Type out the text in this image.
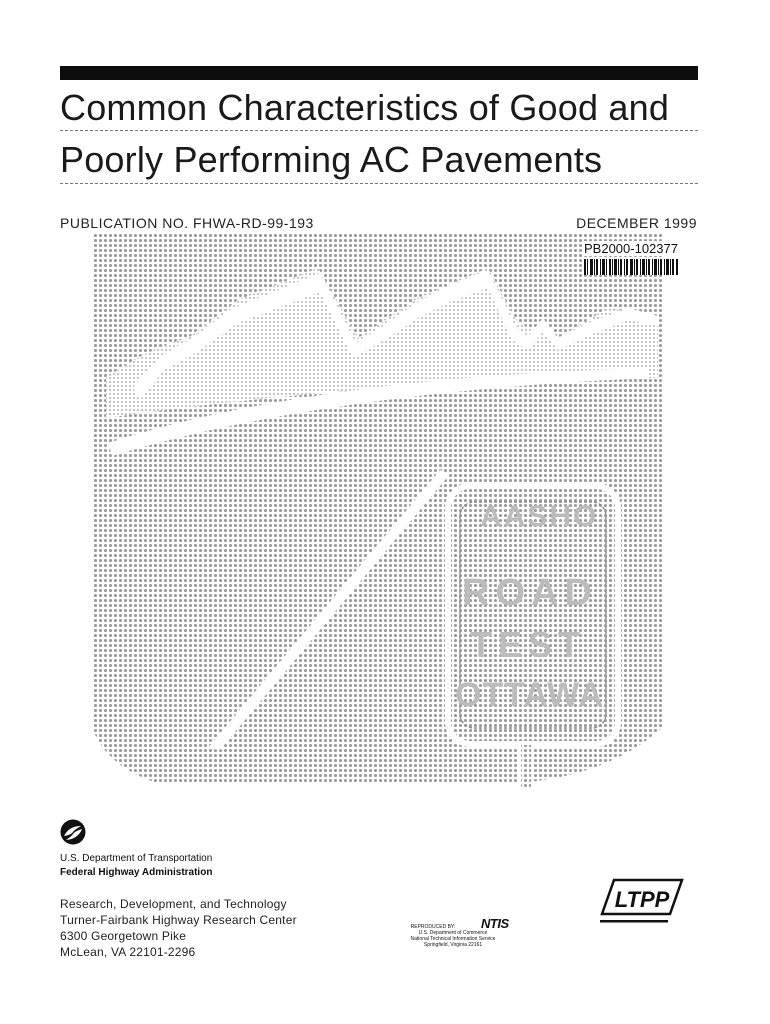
Common Characteristics of Good and
Poorly Performing AC Pavements
AASHO
ROAD
TEST
OTTAWA
PUBLICATION NO. FHWA-RD-99-193	DECEMBER 1999
PB2000-102377
U.S. Department of Transportation
Federal Highway Administration
Research, Development, and Technology
Turner-Fairbank Highway Research Center
6300 Georgetown Pike
McLean, VA 22101-2296
REPRODUCED BY:	NTIS
U.S. Department of Commerce
National Technical Information Service
Springfield, Virginia 22161
LTPP
